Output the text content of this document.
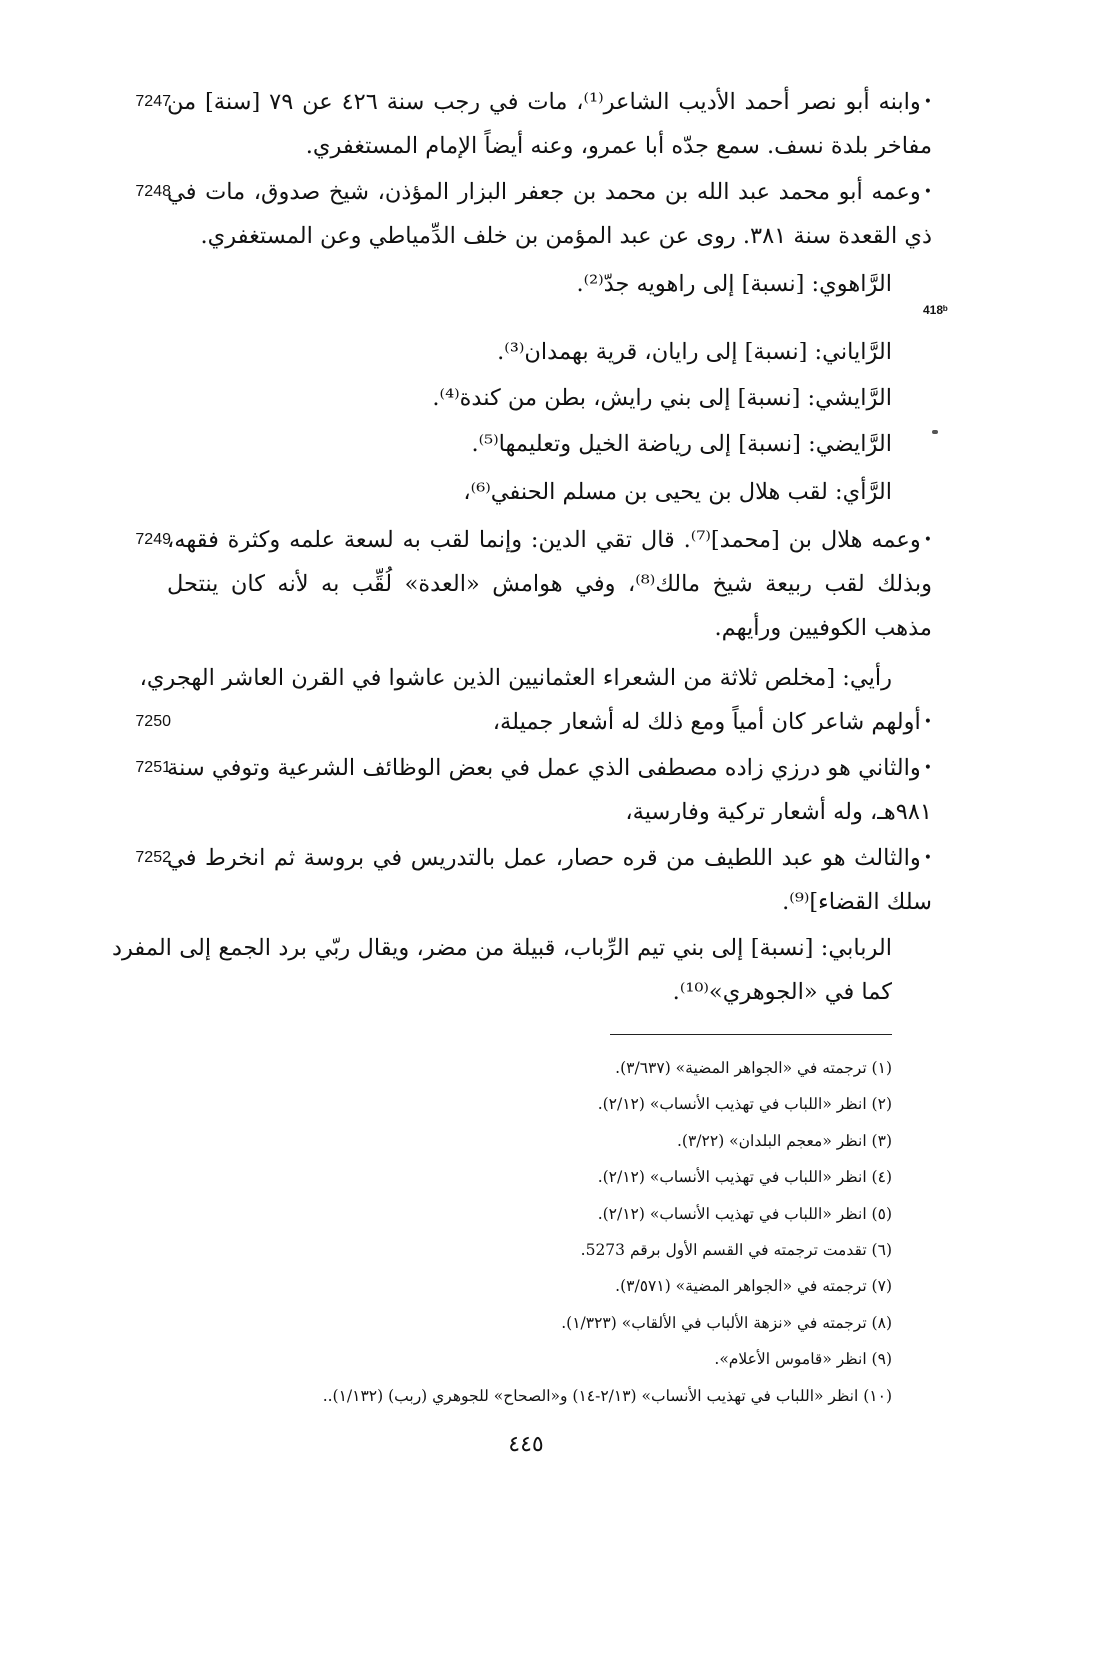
7247	•وابنه أبو نصر أحمد الأديب الشاعر⁽¹⁾، مات في رجب سنة ٤٢٦ عن ٧٩ [سنة] من مفاخر بلدة نسف. سمع جدّه أبا عمرو، وعنه أيضاً الإمام المستغفري.
7248	•وعمه أبو محمد عبد الله بن محمد بن جعفر البزار المؤذن، شيخ صدوق، مات في ذي القعدة سنة ٣٨١. روى عن عبد المؤمن بن خلف الدِّمياطي وعن المستغفري.
الرَّاهوي: [نسبة] إلى راهويه جدّ⁽²⁾.
418ᵇ
الرَّاياني: [نسبة] إلى رايان، قرية بهمدان⁽³⁾.
الرَّايشي: [نسبة] إلى بني رايش، بطن من كندة⁽⁴⁾.
الرَّايضي: [نسبة] إلى رياضة الخيل وتعليمها⁽⁵⁾.
الرَّأي: لقب هلال بن يحيى بن مسلم الحنفي⁽⁶⁾،
7249	•وعمه هلال بن [محمد]⁽⁷⁾. قال تقي الدين: وإنما لقب به لسعة علمه وكثرة فقهه، وبذلك لقب ربيعة شيخ مالك⁽⁸⁾، وفي هوامش «العدة» لُقِّب به لأنه كان ينتحل مذهب الكوفيين ورأيهم.
رأيي: [مخلص ثلاثة من الشعراء العثمانيين الذين عاشوا في القرن العاشر الهجري،
7250	•أولهم شاعر كان أمياً ومع ذلك له أشعار جميلة،
7251	•والثاني هو درزي زاده مصطفى الذي عمل في بعض الوظائف الشرعية وتوفي سنة ٩٨١هـ، وله أشعار تركية وفارسية،
7252	•والثالث هو عبد اللطيف من قره حصار، عمل بالتدريس في بروسة ثم انخرط في سلك القضاء]⁽⁹⁾.
الربابي: [نسبة] إلى بني تيم الرِّباب، قبيلة من مضر، ويقال ربّي برد الجمع إلى المفرد كما في «الجوهري»⁽¹⁰⁾.
(١) ترجمته في «الجواهر المضية» (٣/٦٣٧).
(٢) انظر «اللباب في تهذيب الأنساب» (٢/١٢).
(٣) انظر «معجم البلدان» (٣/٢٢).
(٤) انظر «اللباب في تهذيب الأنساب» (٢/١٢).
(٥) انظر «اللباب في تهذيب الأنساب» (٢/١٢).
(٦) تقدمت ترجمته في القسم الأول برقم 5273.
(٧) ترجمته في «الجواهر المضية» (٣/٥٧١).
(٨) ترجمته في «نزهة الألباب في الألقاب» (١/٣٢٣).
(٩) انظر «قاموس الأعلام».
(١٠) انظر «اللباب في تهذيب الأنساب» (٢/١٣-١٤) و«الصحاح» للجوهري (ربب) (١/١٣٢)..
٤٤٥
